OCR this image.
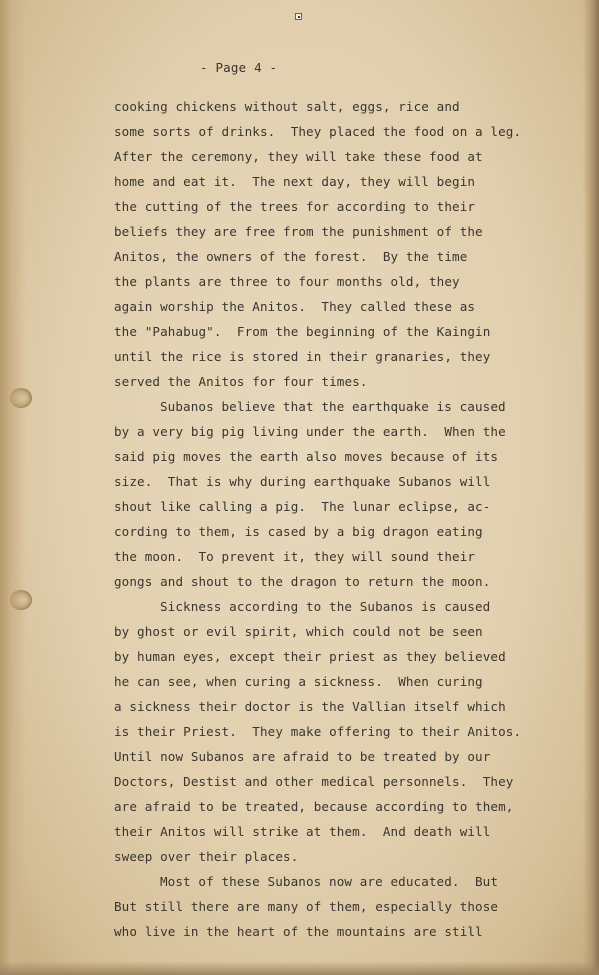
- Page 4 -
cooking chickens without salt, eggs, rice and
some sorts of drinks.  They placed the food on a leg.
After the ceremony, they will take these food at
home and eat it.  The next day, they will begin
the cutting of the trees for according to their
beliefs they are free from the punishment of the
Anitos, the owners of the forest.  By the time
the plants are three to four months old, they
again worship the Anitos.  They called these as
the "Pahabug".  From the beginning of the Kaingin
until the rice is stored in their granaries, they
served the Anitos for four times.
Subanos believe that the earthquake is caused
by a very big pig living under the earth.  When the
said pig moves the earth also moves because of its
size.  That is why during earthquake Subanos will
shout like calling a pig.  The lunar eclipse, ac-
cording to them, is cased by a big dragon eating
the moon.  To prevent it, they will sound their
gongs and shout to the dragon to return the moon.
Sickness according to the Subanos is caused
by ghost or evil spirit, which could not be seen
by human eyes, except their priest as they believed
he can see, when curing a sickness.  When curing
a sickness their doctor is the Vallian itself which
is their Priest.  They make offering to their Anitos.
Until now Subanos are afraid to be treated by our
Doctors, Destist and other medical personnels.  They
are afraid to be treated, because according to them,
their Anitos will strike at them.  And death will
sweep over their places.
Most of these Subanos now are educated.  But
But still there are many of them, especially those
who live in the heart of the mountains are still
